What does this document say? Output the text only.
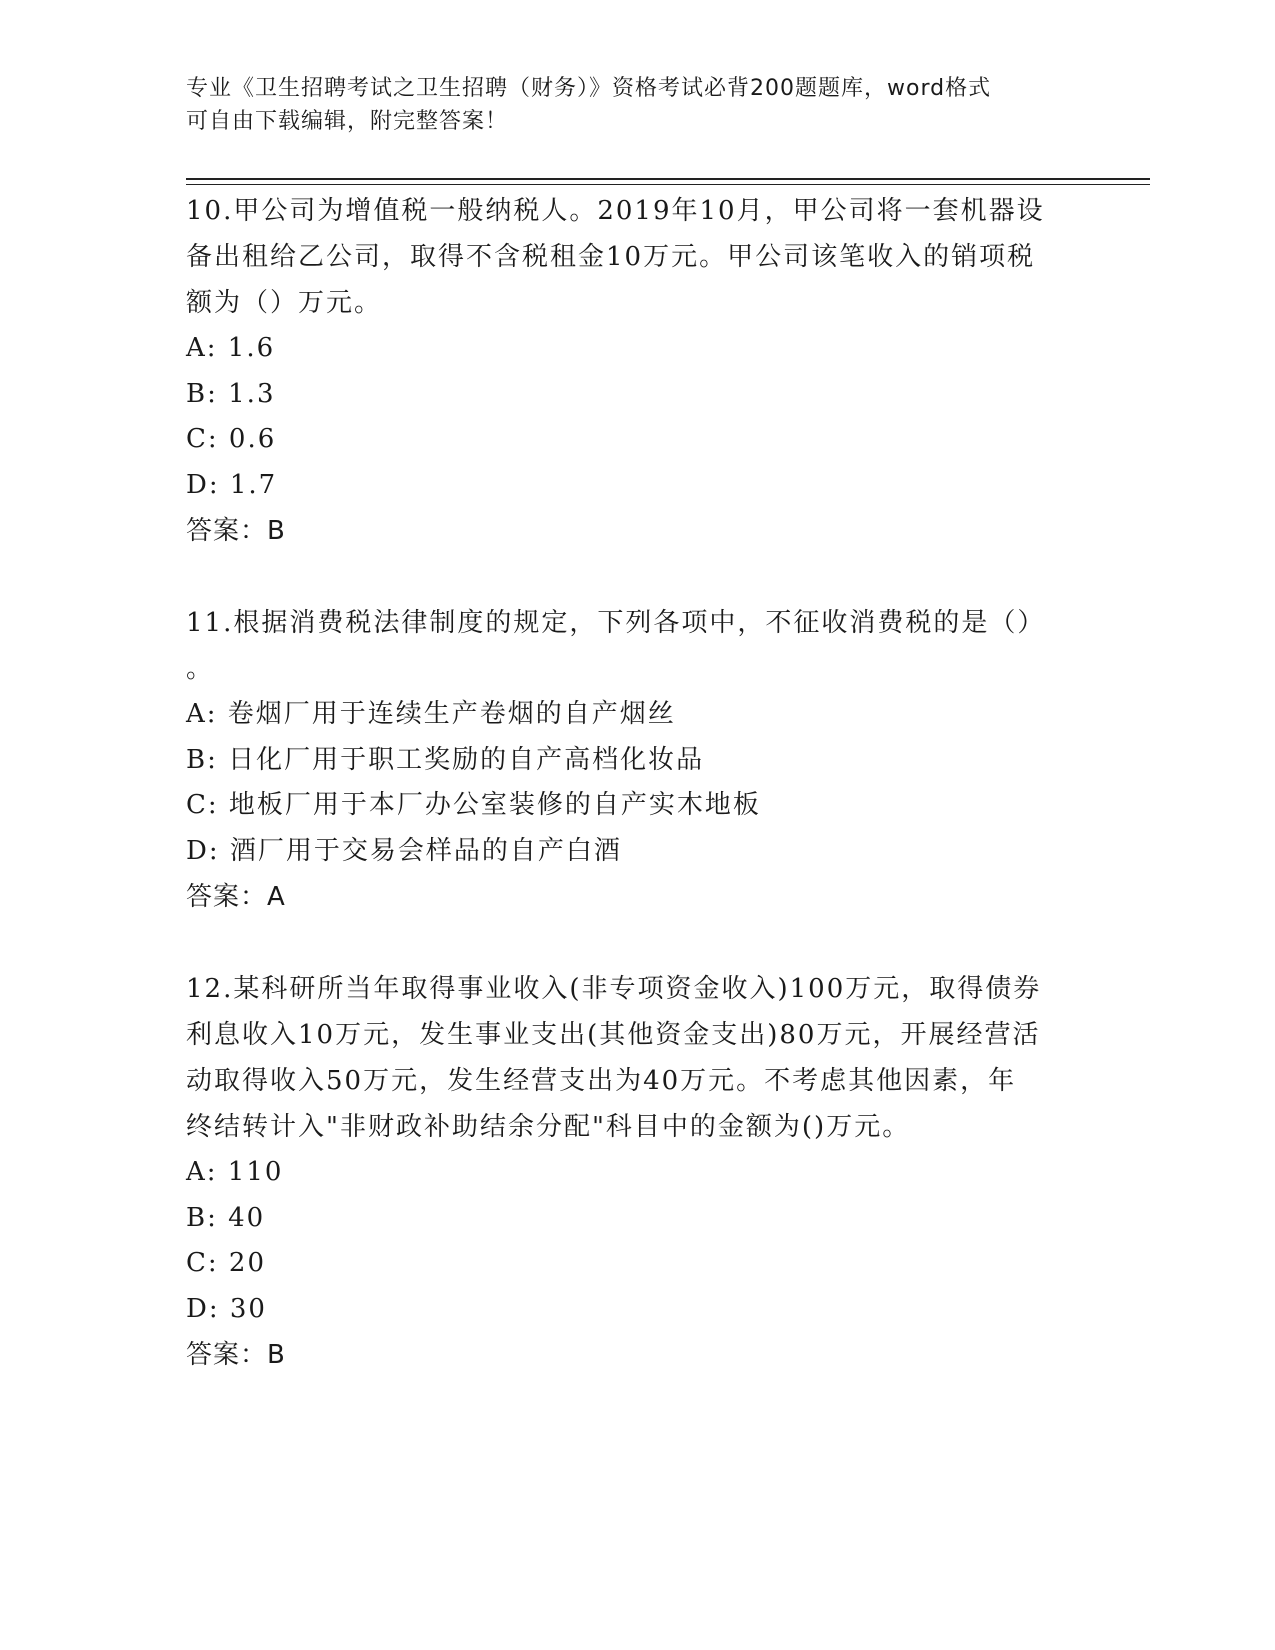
专业《卫生招聘考试之卫生招聘（财务）》资格考试必背200题题库，word格式
可自由下载编辑，附完整答案！

10.甲公司为增值税一般纳税人。2019年10月，甲公司将一套机器设

备出租给乙公司，取得不含税租金10万元。甲公司该笔收入的销项税

额为（）万元。

A: 1.6

B: 1.3

C: 0.6

D: 1.7

答案：B

11.根据消费税法律制度的规定，下列各项中，不征收消费税的是（）

。

A: 卷烟厂用于连续生产卷烟的自产烟丝

B: 日化厂用于职工奖励的自产高档化妆品

C: 地板厂用于本厂办公室装修的自产实木地板

D: 酒厂用于交易会样品的自产白酒

答案：A

12.某科研所当年取得事业收入(非专项资金收入)100万元，取得债券

利息收入10万元，发生事业支出(其他资金支出)80万元，开展经营活

动取得收入50万元，发生经营支出为40万元。不考虑其他因素，年

终结转计入"非财政补助结余分配"科目中的金额为()万元。

A: 110

B: 40

C: 20

D: 30

答案：B
